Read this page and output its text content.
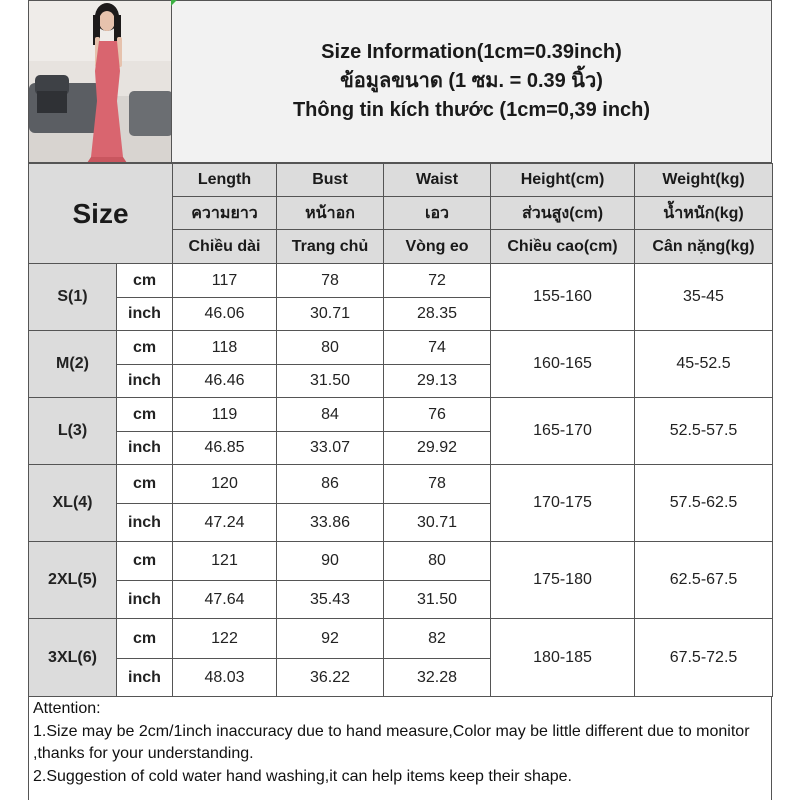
Size Information(1cm=0.39inch)
ข้อมูลขนาด (1 ซม. = 0.39 นิ้ว)
Thông tin kích thước (1cm=0,39 inch)
Size		Length	Bust	Waist	Height(cm)	Weight(kg)
		ความยาว	หน้าอก	เอว	ส่วนสูง(cm)	น้ำหนัก(kg)
		Chiều dài	Trang chủ	Vòng eo	Chiều cao(cm)	Cân nặng(kg)
S(1)	cm	117	78	72	155-160	35-45
	inch	46.06	30.71	28.35		
M(2)	cm	118	80	74	160-165	45-52.5
	inch	46.46	31.50	29.13		
L(3)	cm	119	84	76	165-170	52.5-57.5
	inch	46.85	33.07	29.92		
XL(4)	cm	120	86	78	170-175	57.5-62.5
	inch	47.24	33.86	30.71		
2XL(5)	cm	121	90	80	175-180	62.5-67.5
	inch	47.64	35.43	31.50		
3XL(6)	cm	122	92	82	180-185	67.5-72.5
	inch	48.03	36.22	32.28		

Attention:

1.Size may be 2cm/1inch inaccuracy due to hand measure,Color may be little different due to monitor ,thanks for your understanding.

2.Suggestion of cold water hand washing,it can help items keep their shape.
